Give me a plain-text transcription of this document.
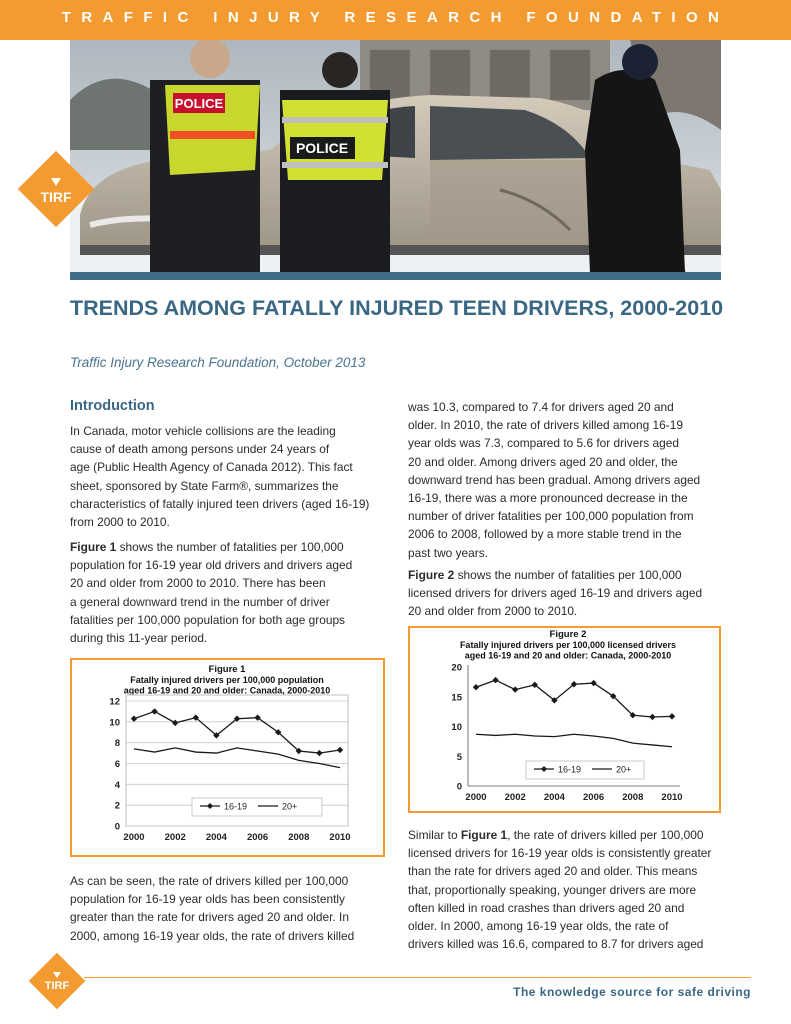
TRAFFIC INJURY RESEARCH FOUNDATION
POLICE
POLICE
TIRF
TRENDS AMONG FATALLY INJURED TEEN DRIVERS, 2000-2010
Traffic Injury Research Foundation, October 2013
Introduction
In Canada, motor vehicle collisions are the leading
cause of death among persons under 24 years of
age (Public Health Agency of Canada 2012). This fact
sheet, sponsored by State Farm®, summarizes the
characteristics of fatally injured teen drivers (aged 16-19)
from 2000 to 2010.
Figure 1 shows the number of fatalities per 100,000
population for 16-19 year old drivers and drivers aged
20 and older from 2000 to 2010. There has been
a general downward trend in the number of driver
fatalities per 100,000 population for both age groups
during this 11-year period.
Figure 1
Fatally injured drivers per 100,000 population
aged 16-19 and 20 and older: Canada, 2000-2010
0
2
4
6
8
10
12
2000 2002 2004 2006 2008 2010
16-19	20+
As can be seen, the rate of drivers killed per 100,000
population for 16-19 year olds has been consistently
greater than the rate for drivers aged 20 and older. In
2000, among 16-19 year olds, the rate of drivers killed
was 10.3, compared to 7.4 for drivers aged 20 and
older. In 2010, the rate of drivers killed among 16-19
year olds was 7.3, compared to 5.6 for drivers aged
20 and older. Among drivers aged 20 and older, the
downward trend has been gradual. Among drivers aged
16-19, there was a more pronounced decrease in the
number of driver fatalities per 100,000 population from
2006 to 2008, followed by a more stable trend in the
past two years.
Figure 2 shows the number of fatalities per 100,000
licensed drivers for drivers aged 16-19 and drivers aged
20 and older from 2000 to 2010.
Figure 2
Fatally injured drivers per 100,000 licensed drivers
aged 16-19 and 20 and older: Canada, 2000-2010
0
5
10
15
20
2000 2002 2004 2006 2008 2010
16-19	20+
Similar to Figure 1, the rate of drivers killed per 100,000
licensed drivers for 16-19 year olds is consistently greater
than the rate for drivers aged 20 and older. This means
that, proportionally speaking, younger drivers are more
often killed in road crashes than drivers aged 20 and
older. In 2000, among 16-19 year olds, the rate of
drivers killed was 16.6, compared to 8.7 for drivers aged
TIRF	The knowledge source for safe driving
